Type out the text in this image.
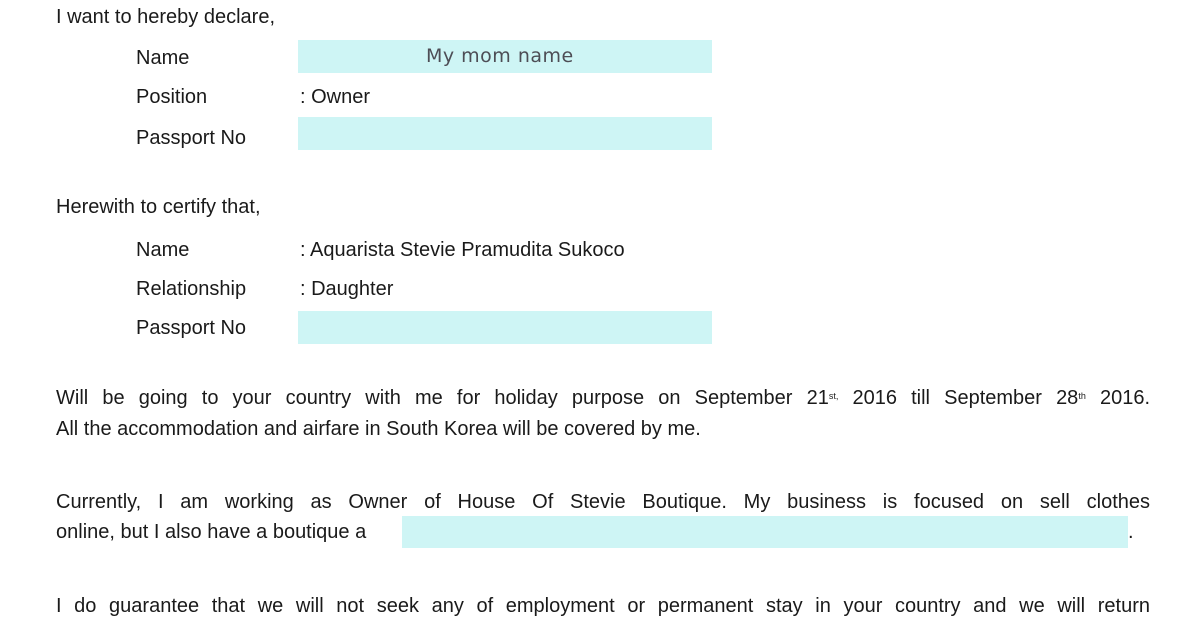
I want to hereby declare,
Name	My mom name
Position	: Owner
Passport No
Herewith to certify that,
Name	: Aquarista Stevie Pramudita Sukoco
Relationship	: Daughter
Passport No
Will be going to your country with me for holiday purpose on September $21^{st,}$ 2016 till September 28th 2016.
All the accommodation and airfare in South Korea will be covered by me.
Currently, I am working as Owner of House Of Stevie Boutique. My business is focused on sell clothes
online, but I also have a boutique a	.
I do guarantee that we will not seek any of employment or permanent stay in your country and we will return
